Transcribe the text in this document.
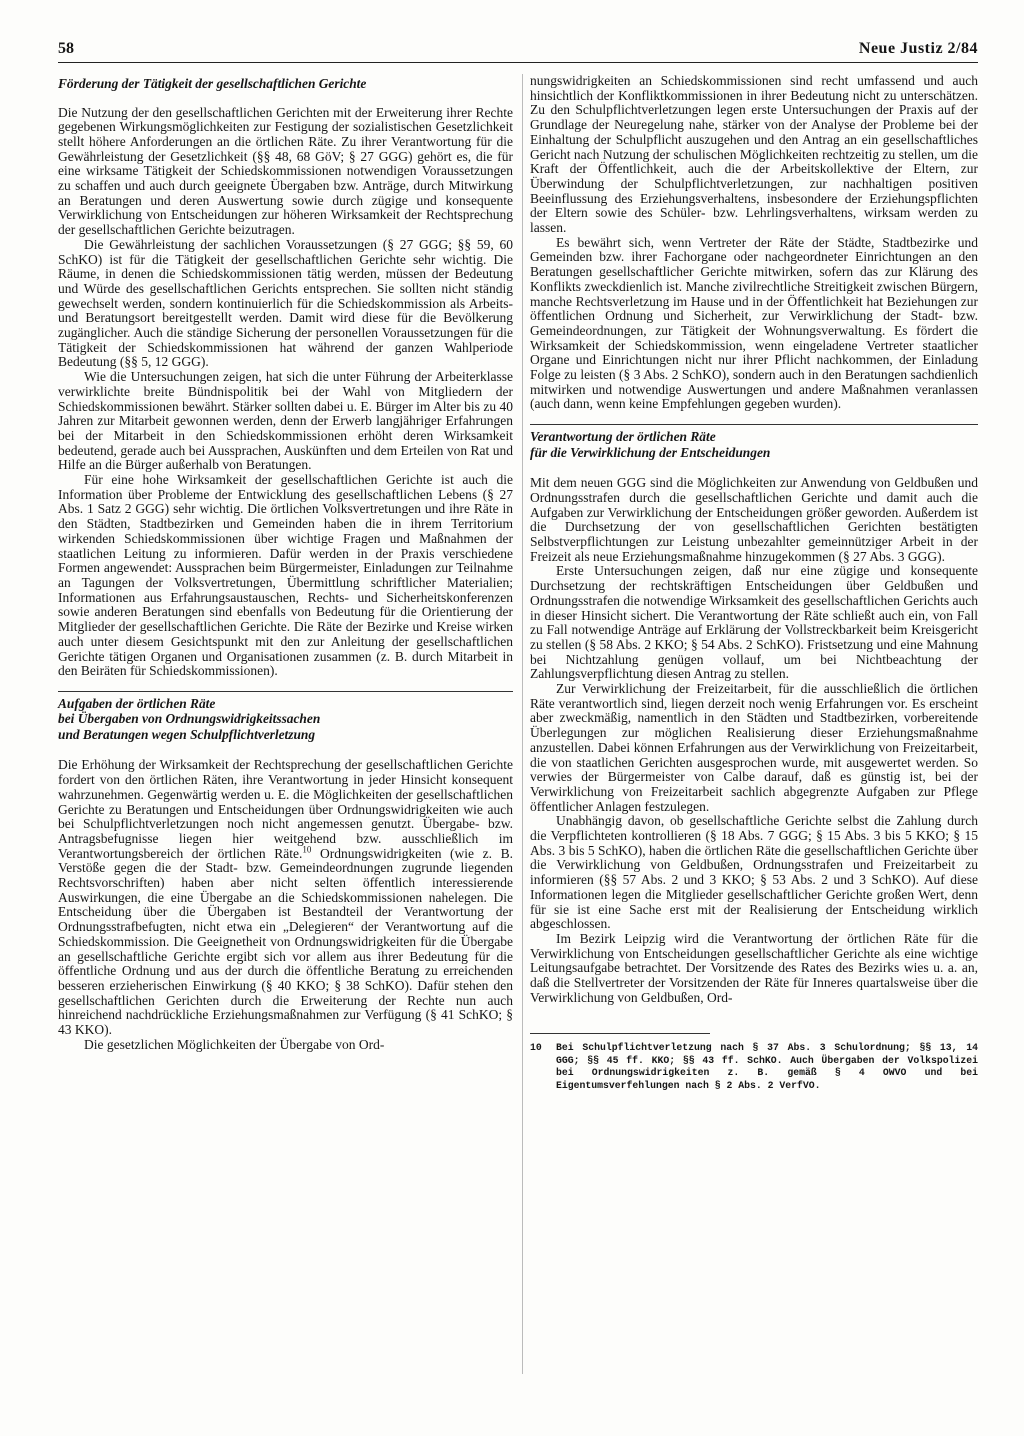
58	Neue Justiz 2/84
Förderung der Tätigkeit der gesellschaftlichen Gerichte

Die Nutzung der den gesellschaftlichen Gerichten mit der Erweiterung ihrer Rechte gegebenen Wirkungsmöglichkeiten zur Festigung der sozialistischen Gesetzlichkeit stellt höhere Anforderungen an die örtlichen Räte. Zu ihrer Verantwortung für die Gewährleistung der Gesetzlichkeit (§§ 48, 68 GöV; § 27 GGG) gehört es, die für eine wirksame Tätigkeit der Schiedskommissionen notwendigen Voraussetzungen zu schaffen und auch durch geeignete Übergaben bzw. Anträge, durch Mitwirkung an Beratungen und deren Auswertung sowie durch zügige und konsequente Verwirklichung von Entscheidungen zur höheren Wirksamkeit der Rechtsprechung der gesellschaftlichen Gerichte beizutragen.

Die Gewährleistung der sachlichen Voraussetzungen (§ 27 GGG; §§ 59, 60 SchKO) ist für die Tätigkeit der gesellschaftlichen Gerichte sehr wichtig. Die Räume, in denen die Schiedskommissionen tätig werden, müssen der Bedeutung und Würde des gesellschaftlichen Gerichts entsprechen. Sie sollten nicht ständig gewechselt werden, sondern kontinuierlich für die Schiedskommission als Arbeits- und Beratungsort bereitgestellt werden. Damit wird diese für die Bevölkerung zugänglicher. Auch die ständige Sicherung der personellen Voraussetzungen für die Tätigkeit der Schiedskommissionen hat während der ganzen Wahlperiode Bedeutung (§§ 5, 12 GGG).

Wie die Untersuchungen zeigen, hat sich die unter Führung der Arbeiterklasse verwirklichte breite Bündnispolitik bei der Wahl von Mitgliedern der Schiedskommissionen bewährt. Stärker sollten dabei u. E. Bürger im Alter bis zu 40 Jahren zur Mitarbeit gewonnen werden, denn der Erwerb langjähriger Erfahrungen bei der Mitarbeit in den Schiedskommissionen erhöht deren Wirksamkeit bedeutend, gerade auch bei Aussprachen, Auskünften und dem Erteilen von Rat und Hilfe an die Bürger außerhalb von Beratungen.

Für eine hohe Wirksamkeit der gesellschaftlichen Gerichte ist auch die Information über Probleme der Entwicklung des gesellschaftlichen Lebens (§ 27 Abs. 1 Satz 2 GGG) sehr wichtig. Die örtlichen Volksvertretungen und ihre Räte in den Städten, Stadtbezirken und Gemeinden haben die in ihrem Territorium wirkenden Schiedskommissionen über wichtige Fragen und Maßnahmen der staatlichen Leitung zu informieren. Dafür werden in der Praxis verschiedene Formen angewendet: Aussprachen beim Bürgermeister, Einladungen zur Teilnahme an Tagungen der Volksvertretungen, Übermittlung schriftlicher Materialien; Informationen aus Erfahrungsaustauschen, Rechts- und Sicherheitskonferenzen sowie anderen Beratungen sind ebenfalls von Bedeutung für die Orientierung der Mitglieder der gesellschaftlichen Gerichte. Die Räte der Bezirke und Kreise wirken auch unter diesem Gesichtspunkt mit den zur Anleitung der gesellschaftlichen Gerichte tätigen Organen und Organisationen zusammen (z. B. durch Mitarbeit in den Beiräten für Schiedskommissionen).

Aufgaben der örtlichen Räte
bei Übergaben von Ordnungswidrigkeitssachen
und Beratungen wegen Schulpflichtverletzung

Die Erhöhung der Wirksamkeit der Rechtsprechung der gesellschaftlichen Gerichte fordert von den örtlichen Räten, ihre Verantwortung in jeder Hinsicht konsequent wahrzunehmen. Gegenwärtig werden u. E. die Möglichkeiten der gesellschaftlichen Gerichte zu Beratungen und Entscheidungen über Ordnungswidrigkeiten wie auch bei Schulpflichtverletzungen noch nicht angemessen genutzt. Übergabe- bzw. Antragsbefugnisse liegen hier weitgehend bzw. ausschließlich im Verantwortungsbereich der örtlichen Räte.$^{10}$ Ordnungswidrigkeiten (wie z. B. Verstöße gegen die der Stadt- bzw. Gemeindeordnungen zugrunde liegenden Rechtsvorschriften) haben aber nicht selten öffentlich interessierende Auswirkungen, die eine Übergabe an die Schiedskommissionen nahelegen. Die Entscheidung über die Übergaben ist Bestandteil der Verantwortung der Ordnungsstrafbefugten, nicht etwa ein „Delegieren“ der Verantwortung auf die Schiedskommission. Die Geeignetheit von Ordnungswidrigkeiten für die Übergabe an gesellschaftliche Gerichte ergibt sich vor allem aus ihrer Bedeutung für die öffentliche Ordnung und aus der durch die öffentliche Beratung zu erreichenden besseren erzieherischen Einwirkung (§ 40 KKO; § 38 SchKO). Dafür stehen den gesellschaftlichen Gerichten durch die Erweiterung der Rechte nun auch hinreichend nachdrückliche Erziehungsmaßnahmen zur Verfügung (§ 41 SchKO; § 43 KKO).

Die gesetzlichen Möglichkeiten der Übergabe von Ord-

nungswidrigkeiten an Schiedskommissionen sind recht umfassend und auch hinsichtlich der Konfliktkommissionen in ihrer Bedeutung nicht zu unterschätzen. Zu den Schulpflichtverletzungen legen erste Untersuchungen der Praxis auf der Grundlage der Neuregelung nahe, stärker von der Analyse der Probleme bei der Einhaltung der Schulpflicht auszugehen und den Antrag an ein gesellschaftliches Gericht nach Nutzung der schulischen Möglichkeiten rechtzeitig zu stellen, um die Kraft der Öffentlichkeit, auch die der Arbeitskollektive der Eltern, zur Überwindung der Schulpflichtverletzungen, zur nachhaltigen positiven Beeinflussung des Erziehungsverhaltens, insbesondere der Erziehungspflichten der Eltern sowie des Schüler- bzw. Lehrlingsverhaltens, wirksam werden zu lassen.

Es bewährt sich, wenn Vertreter der Räte der Städte, Stadtbezirke und Gemeinden bzw. ihrer Fachorgane oder nachgeordneter Einrichtungen an den Beratungen gesellschaftlicher Gerichte mitwirken, sofern das zur Klärung des Konflikts zweckdienlich ist. Manche zivilrechtliche Streitigkeit zwischen Bürgern, manche Rechtsverletzung im Hause und in der Öffentlichkeit hat Beziehungen zur öffentlichen Ordnung und Sicherheit, zur Verwirklichung der Stadt- bzw. Gemeindeordnungen, zur Tätigkeit der Wohnungsverwaltung. Es fördert die Wirksamkeit der Schiedskommission, wenn eingeladene Vertreter staatlicher Organe und Einrichtungen nicht nur ihrer Pflicht nachkommen, der Einladung Folge zu leisten (§ 3 Abs. 2 SchKO), sondern auch in den Beratungen sachdienlich mitwirken und notwendige Auswertungen und andere Maßnahmen veranlassen (auch dann, wenn keine Empfehlungen gegeben wurden).

Verantwortung der örtlichen Räte
für die Verwirklichung der Entscheidungen

Mit dem neuen GGG sind die Möglichkeiten zur Anwendung von Geldbußen und Ordnungsstrafen durch die gesellschaftlichen Gerichte und damit auch die Aufgaben zur Verwirklichung der Entscheidungen größer geworden. Außerdem ist die Durchsetzung der von gesellschaftlichen Gerichten bestätigten Selbstverpflichtungen zur Leistung unbezahlter gemeinnütziger Arbeit in der Freizeit als neue Erziehungsmaßnahme hinzugekommen (§ 27 Abs. 3 GGG).

Erste Untersuchungen zeigen, daß nur eine zügige und konsequente Durchsetzung der rechtskräftigen Entscheidungen über Geldbußen und Ordnungsstrafen die notwendige Wirksamkeit des gesellschaftlichen Gerichts auch in dieser Hinsicht sichert. Die Verantwortung der Räte schließt auch ein, von Fall zu Fall notwendige Anträge auf Erklärung der Vollstreckbarkeit beim Kreisgericht zu stellen (§ 58 Abs. 2 KKO; § 54 Abs. 2 SchKO). Fristsetzung und eine Mahnung bei Nichtzahlung genügen vollauf, um bei Nichtbeachtung der Zahlungsverpflichtung diesen Antrag zu stellen.

Zur Verwirklichung der Freizeitarbeit, für die ausschließlich die örtlichen Räte verantwortlich sind, liegen derzeit noch wenig Erfahrungen vor. Es erscheint aber zweckmäßig, namentlich in den Städten und Stadtbezirken, vorbereitende Überlegungen zur möglichen Realisierung dieser Erziehungsmaßnahme anzustellen. Dabei können Erfahrungen aus der Verwirklichung von Freizeitarbeit, die von staatlichen Gerichten ausgesprochen wurde, mit ausgewertet werden. So verwies der Bürgermeister von Calbe darauf, daß es günstig ist, bei der Verwirklichung von Freizeitarbeit sachlich abgegrenzte Aufgaben zur Pflege öffentlicher Anlagen festzulegen.

Unabhängig davon, ob gesellschaftliche Gerichte selbst die Zahlung durch die Verpflichteten kontrollieren (§ 18 Abs. 7 GGG; § 15 Abs. 3 bis 5 KKO; § 15 Abs. 3 bis 5 SchKO), haben die örtlichen Räte die gesellschaftlichen Gerichte über die Verwirklichung von Geldbußen, Ordnungsstrafen und Freizeitarbeit zu informieren (§§ 57 Abs. 2 und 3 KKO; § 53 Abs. 2 und 3 SchKO). Auf diese Informationen legen die Mitglieder gesellschaftlicher Gerichte großen Wert, denn für sie ist eine Sache erst mit der Realisierung der Entscheidung wirklich abgeschlossen.

Im Bezirk Leipzig wird die Verantwortung der örtlichen Räte für die Verwirklichung von Entscheidungen gesellschaftlicher Gerichte als eine wichtige Leitungsaufgabe betrachtet. Der Vorsitzende des Rates des Bezirks wies u. a. an, daß die Stellvertreter der Vorsitzenden der Räte für Inneres quartalsweise über die Verwirklichung von Geldbußen, Ord-

10 Bei Schulpflichtverletzung nach § 37 Abs. 3 Schulordnung; §§ 13, 14 GGG; §§ 45 ff. KKO; §§ 43 ff. SchKO. Auch Übergaben der Volkspolizei bei Ordnungswidrigkeiten z. B. gemäß § 4 OWVO und bei Eigentumsverfehlungen nach § 2 Abs. 2 VerfVO.
